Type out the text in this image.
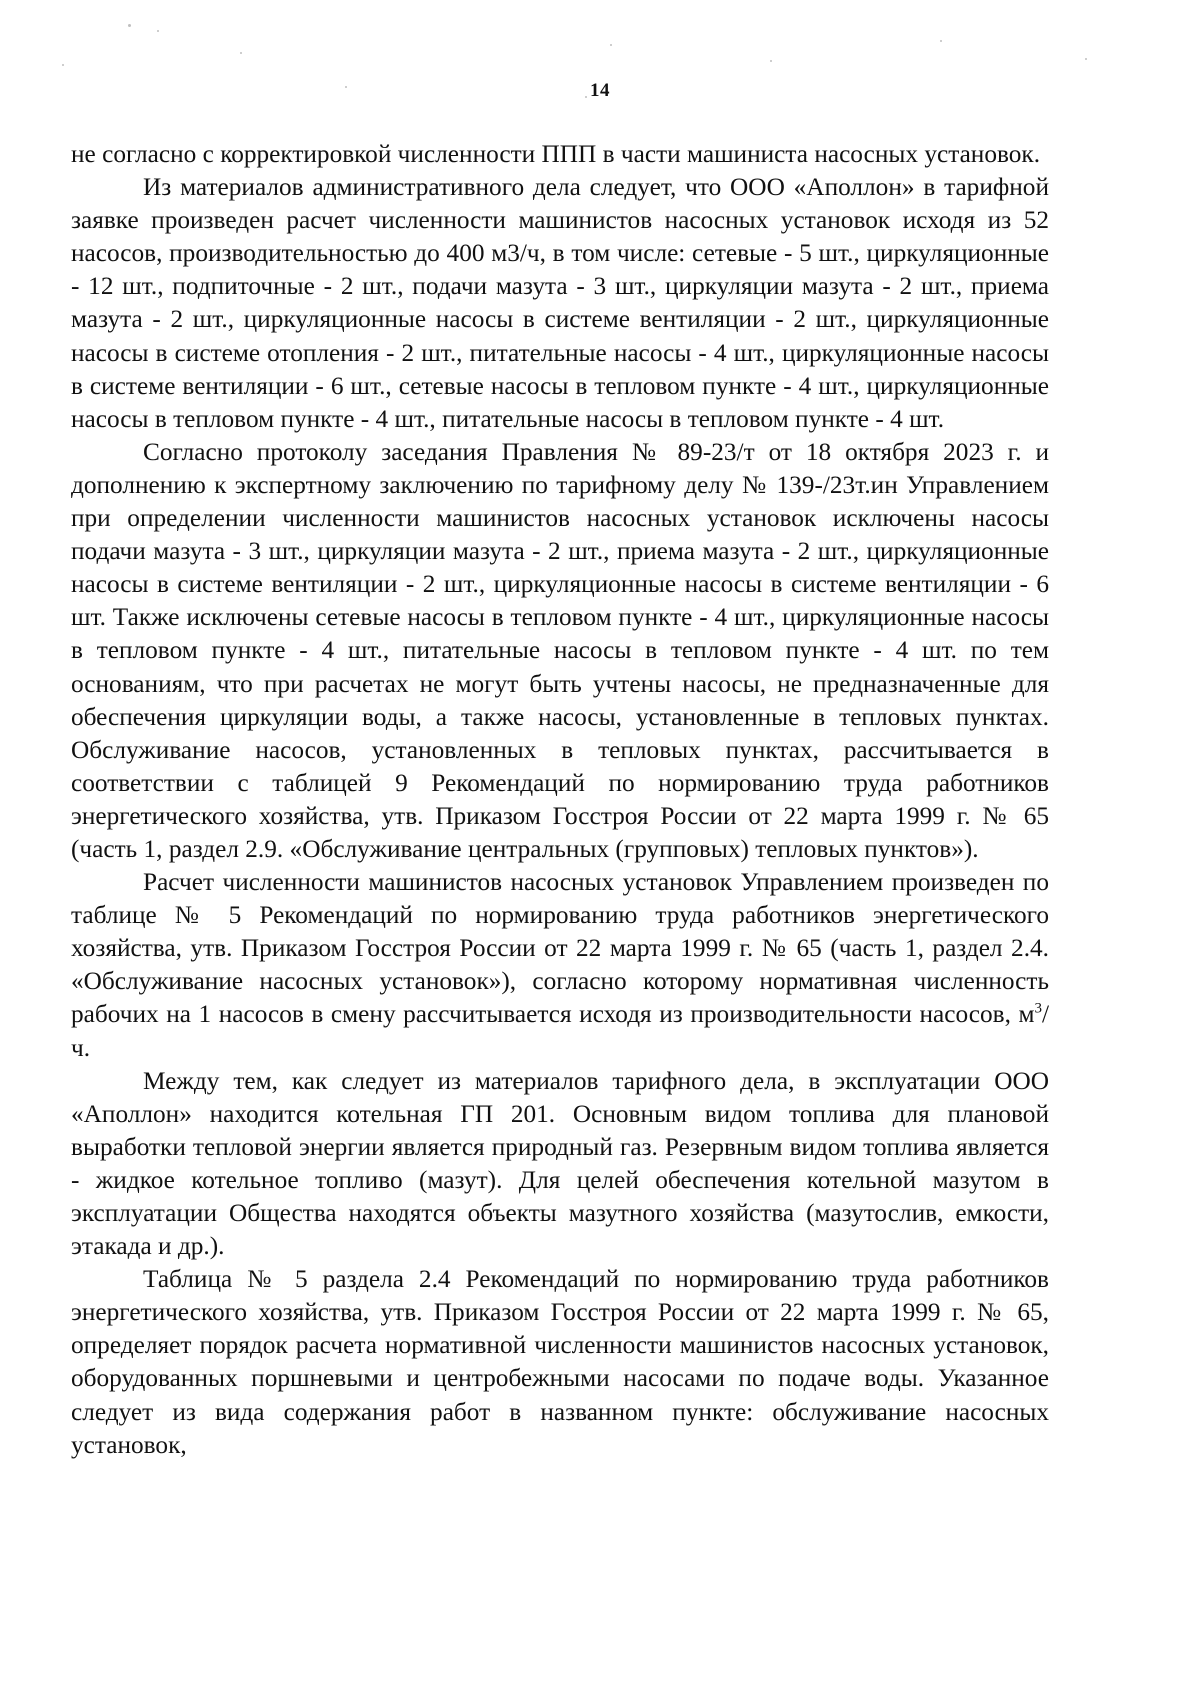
14

не согласно с корректировкой численности ППП в части машиниста насосных установок.

Из материалов административного дела следует, что ООО «Аполлон» в тарифной заявке произведен расчет численности машинистов насосных установок исходя из 52 насосов, производительностью до 400 м3/ч, в том числе: сетевые - 5 шт., циркуляционные - 12 шт., подпиточные - 2 шт., подачи мазута - 3 шт., циркуляции мазута - 2 шт., приема мазута - 2 шт., циркуляционные насосы в системе вентиляции - 2 шт., циркуляционные насосы в системе отопления - 2 шт., питательные насосы - 4 шт., циркуляционные насосы в системе вентиляции - 6 шт., сетевые насосы в тепловом пункте - 4 шт., циркуляционные насосы в тепловом пункте - 4 шт., питательные насосы в тепловом пункте - 4 шт.

Согласно протоколу заседания Правления № 89-23/т от 18 октября 2023 г. и дополнению к экспертному заключению по тарифному делу № 139-/23т.ин Управлением при определении численности машинистов насосных установок исключены насосы подачи мазута - 3 шт., циркуляции мазута - 2 шт., приема мазута - 2 шт., циркуляционные насосы в системе вентиляции - 2 шт., циркуляционные насосы в системе вентиляции - 6 шт. Также исключены сетевые насосы в тепловом пункте - 4 шт., циркуляционные насосы в тепловом пункте - 4 шт., питательные насосы в тепловом пункте - 4 шт. по тем основаниям, что при расчетах не могут быть учтены насосы, не предназначенные для обеспечения циркуляции воды, а также насосы, установленные в тепловых пунктах. Обслуживание насосов, установленных в тепловых пунктах, рассчитывается в соответствии с таблицей 9 Рекомендаций по нормированию труда работников энергетического хозяйства, утв. Приказом Госстроя России от 22 марта 1999 г. № 65 (часть 1, раздел 2.9. «Обслуживание центральных (групповых) тепловых пунктов»).

Расчет численности машинистов насосных установок Управлением произведен по таблице № 5 Рекомендаций по нормированию труда работников энергетического хозяйства, утв. Приказом Госстроя России от 22 марта 1999 г. № 65 (часть 1, раздел 2.4. «Обслуживание насосных установок»), согласно которому нормативная численность рабочих на 1 насосов в смену рассчитывается исходя из производительности насосов, $м^3/ч$.

Между тем, как следует из материалов тарифного дела, в эксплуатации ООО «Аполлон» находится котельная ГП 201. Основным видом топлива для плановой выработки тепловой энергии является природный газ. Резервным видом топлива является - жидкое котельное топливо (мазут). Для целей обеспечения котельной мазутом в эксплуатации Общества находятся объекты мазутного хозяйства (мазутослив, емкости, этакада и др.).

Таблица № 5 раздела 2.4 Рекомендаций по нормированию труда работников энергетического хозяйства, утв. Приказом Госстроя России от 22 марта 1999 г. № 65, определяет порядок расчета нормативной численности машинистов насосных установок, оборудованных поршневыми и центробежными насосами по подаче воды. Указанное следует из вида содержания работ в названном пункте: обслуживание насосных установок,
